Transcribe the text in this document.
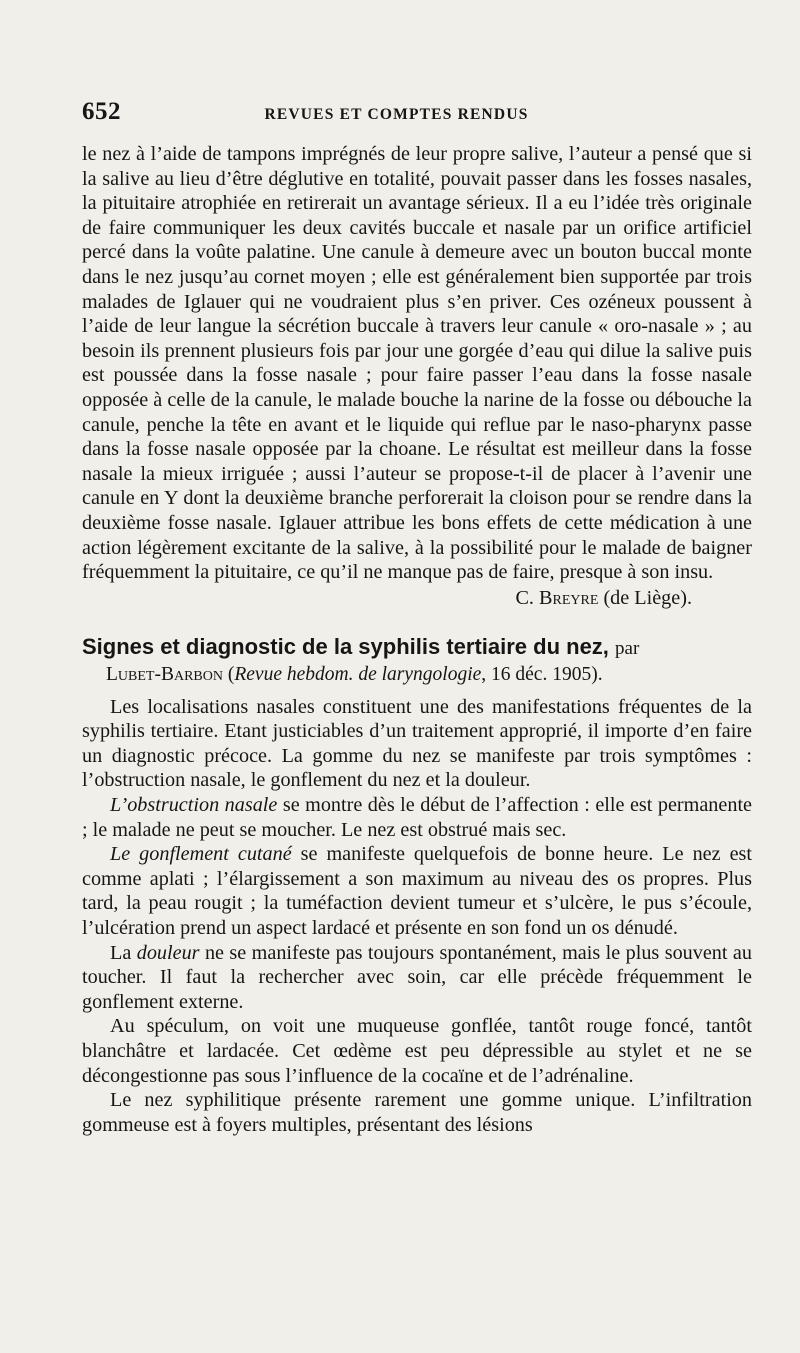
652	REVUES ET COMPTES RENDUS

le nez à l’aide de tampons imprégnés de leur propre salive, l’auteur a pensé que si la salive au lieu d’être déglutive en totalité, pouvait passer dans les fosses nasales, la pituitaire atrophiée en retirerait un avantage sérieux. Il a eu l’idée très originale de faire communiquer les deux cavités buccale et nasale par un orifice artificiel percé dans la voûte palatine. Une canule à demeure avec un bouton buccal monte dans le nez jusqu’au cornet moyen ; elle est généralement bien supportée par trois malades de Iglauer qui ne voudraient plus s’en priver. Ces ozéneux poussent à l’aide de leur langue la sécrétion buccale à travers leur canule « oro-nasale » ; au besoin ils prennent plusieurs fois par jour une gorgée d’eau qui dilue la salive puis est poussée dans la fosse nasale ; pour faire passer l’eau dans la fosse nasale opposée à celle de la canule, le malade bouche la narine de la fosse ou débouche la canule, penche la tête en avant et le liquide qui reflue par le naso-pharynx passe dans la fosse nasale opposée par la choane. Le résultat est meilleur dans la fosse nasale la mieux irriguée ; aussi l’auteur se propose-t-il de placer à l’avenir une canule en Y dont la deuxième branche perforerait la cloison pour se rendre dans la deuxième fosse nasale. Iglauer attribue les bons effets de cette médication à une action légèrement excitante de la salive, à la possibilité pour le malade de baigner fréquemment la pituitaire, ce qu’il ne manque pas de faire, presque à son insu.

C. Breyre (de Liège).
Signes et diagnostic de la syphilis tertiaire du nez, par
Lubet-Barbon (Revue hebdom. de laryngologie, 16 déc. 1905).

Les localisations nasales constituent une des manifestations fréquentes de la syphilis tertiaire. Etant justiciables d’un traitement approprié, il importe d’en faire un diagnostic précoce. La gomme du nez se manifeste par trois symptômes : l’obstruction nasale, le gonflement du nez et la douleur.

L’obstruction nasale se montre dès le début de l’affection : elle est permanente ; le malade ne peut se moucher. Le nez est obstrué mais sec.

Le gonflement cutané se manifeste quelquefois de bonne heure. Le nez est comme aplati ; l’élargissement a son maximum au niveau des os propres. Plus tard, la peau rougit ; la tuméfaction devient tumeur et s’ulcère, le pus s’écoule, l’ulcération prend un aspect lardacé et présente en son fond un os dénudé.

La douleur ne se manifeste pas toujours spontanément, mais le plus souvent au toucher. Il faut la rechercher avec soin, car elle précède fréquemment le gonflement externe.

Au spéculum, on voit une muqueuse gonflée, tantôt rouge foncé, tantôt blanchâtre et lardacée. Cet œdème est peu dépressible au stylet et ne se décongestionne pas sous l’influence de la cocaïne et de l’adrénaline.

Le nez syphilitique présente rarement une gomme unique. L’infiltration gommeuse est à foyers multiples, présentant des lésions
